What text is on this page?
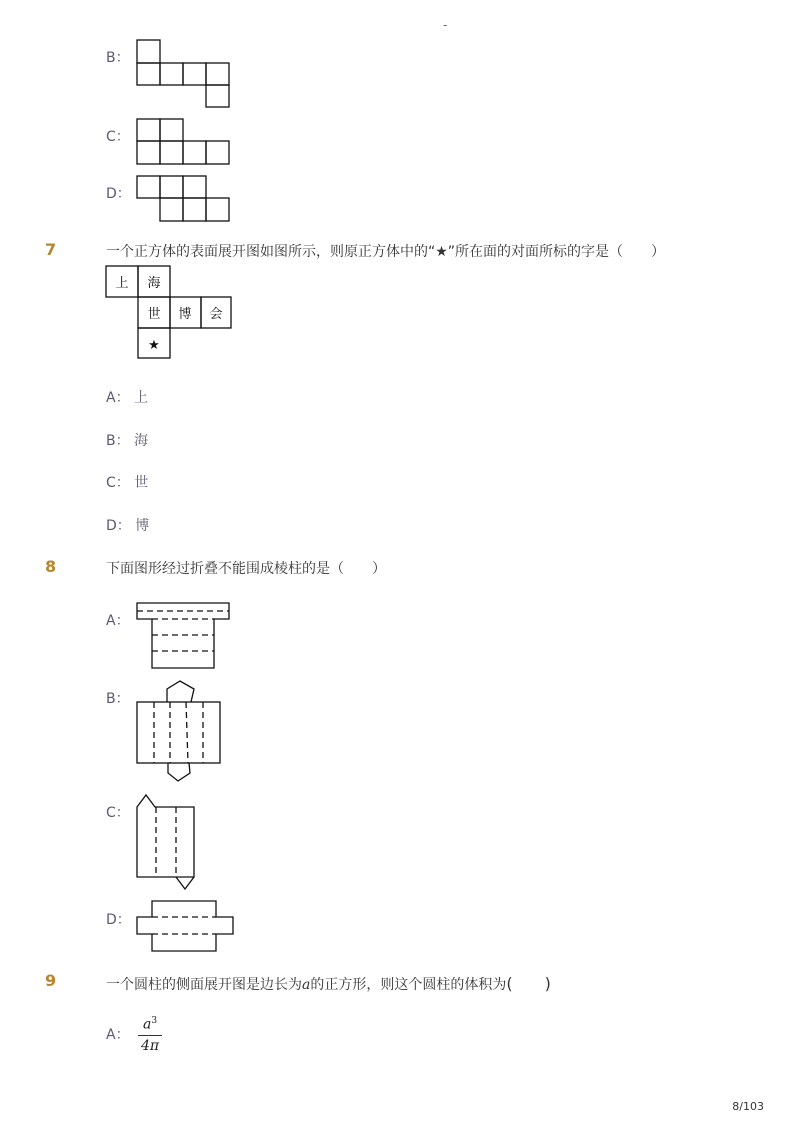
-
B：
C：
D：
7	一个正方体的表面展开图如图所示，则原正方体中的“★”所在面的对面所标的字是（　　）
上 海
世 博 会
★
A： 上
B： 海
C： 世
D： 博
8	下面图形经过折叠不能围成棱柱的是（　　）
A：
B：
C：
D：
9	一个圆柱的侧面展开图是边长为a的正方形，则这个圆柱的体积为(　　)
A： $\frac{a^3}{4\pi}$
8/103
